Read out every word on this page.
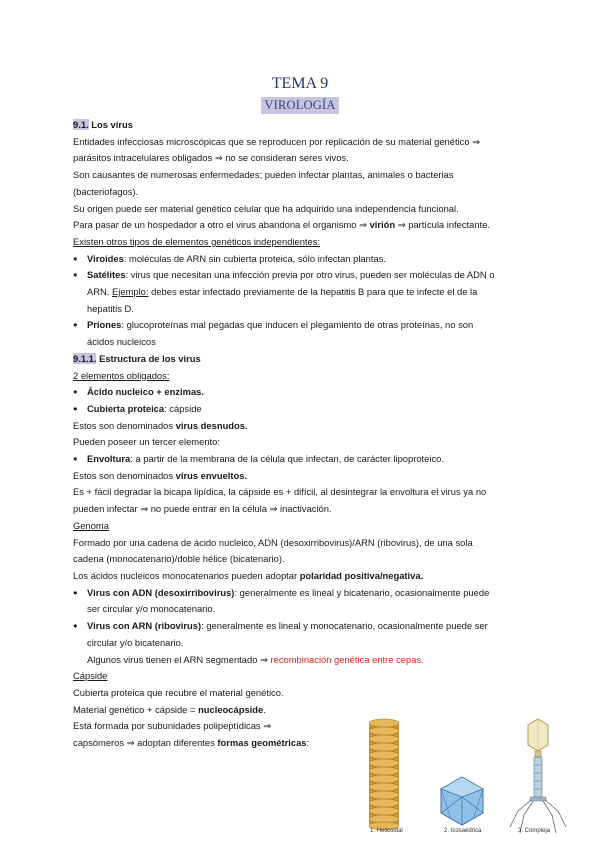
TEMA 9
VIROLOGÍA

9.1. Los virus

Entidades infecciosas microscópicas que se reproducen por replicación de su material genético ⇒

parásitos intracelulares obligados ⇒ no se consideran seres vivos.

Son causantes de numerosas enfermedades; pueden infectar plantas, animales o bacterias

(bacteriofagos).

Su origen puede ser material genético celular que ha adquirido una independencia funcional.

Para pasar de un hospedador a otro el virus abandona el organismo ⇒ virión ⇒ partícula infectante.

Existen otros tipos de elementos genéticos independientes:

● Viroides: moléculas de ARN sin cubierta proteica, sólo infectan plantas.

● Satélites: virus que necesitan una infección previa por otro virus, pueden ser moléculas de ADN o

ARN. Ejemplo: debes estar infectado previamente de la hepatitis B para que te infecte el de la

hepatitis D.

● Priones: glucoproteínas mal pegadas que inducen el plegamiento de otras proteínas, no son

ácidos nucleicos

9.1.1. Estructura de los virus

2 elementos obligados:

● Ácido nucleico + enzimas.

● Cubierta proteica: cápside

Estos son denominados virus desnudos.

Pueden poseer un tercer elemento:

● Envoltura: a partir de la membrana de la célula que infectan, de carácter lipoproteico.

Estos son denominados virus envueltos.

Es + fácil degradar la bicapa lipídica, la cápside es + difícil, al desintegrar la envoltura el virus ya no

pueden infectar ⇒ no puede entrar en la célula ⇒ inactivación.

Genoma

Formado por una cadena de ácido nucleico, ADN (desoxirribovirus)/ARN (ribovirus), de una sola

cadena (monocatenario)/doble hélice (bicatenario).

Los ácidos nucleicos monocatenarios pueden adoptar polaridad positiva/negativa.

● Virus con ADN (desoxirribovirus): generalmente es lineal y bicatenario, ocasionalmente puede

ser circular y/o monocatenario.

● Virus con ARN (ribovirus): generalmente es lineal y monocatenario, ocasionalmente puede ser

circular y/o bicatenario.

Algunos virus tienen el ARN segmentado ⇒ recombinación genética entre cepas.

Cápside

Cubierta proteica que recubre el material genético.

Material genético + cápside = nucleocápside.

Está formada por subunidades polipeptídicas ⇒

capsómeros ⇒ adoptan diferentes formas geométricas:

1. Helicoidal	2. Icosaédrica	3. Compleja
